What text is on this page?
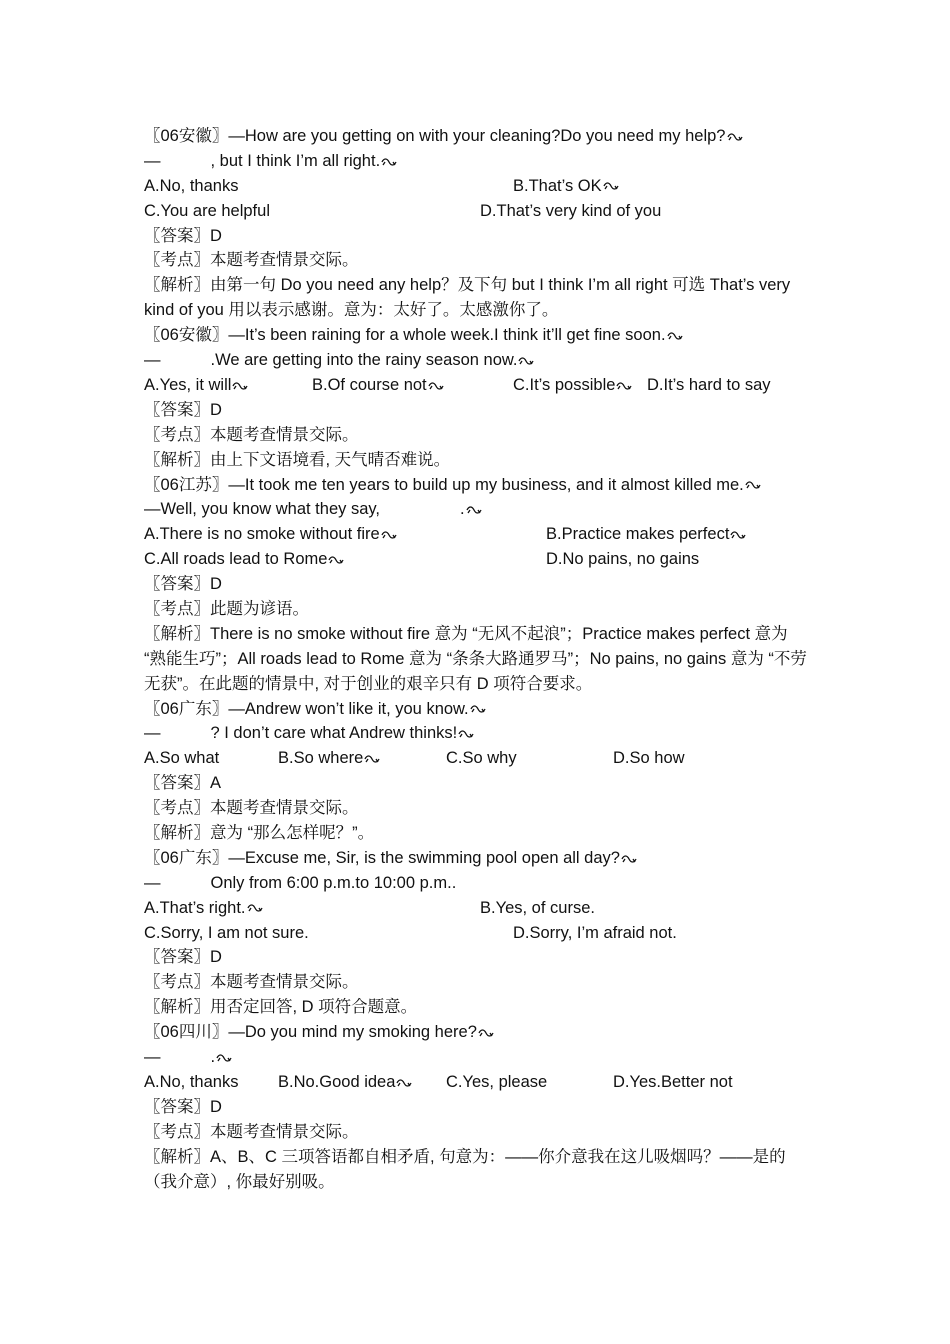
〖06安徽〗—How are you getting on with your cleaning?Do you need my help?
—	, but I think I’m all right.
A.No, thanks	B.That’s OK
C.You are helpful	D.That’s very kind of you
〖答案〗D
〖考点〗本题考查情景交际。
〖解析〗由第一句 Do you need any help？及下句 but I think I’m all right 可选 That’s very kind of you 用以表示感谢。意为：太好了。太感激你了。
〖06安徽〗—It’s been raining for a whole week.I think it’ll get fine soon.
—	.We are getting into the rainy season now.
A.Yes, it will	B.Of course not	C.It’s possible	D.It’s hard to say
〖答案〗D
〖考点〗本题考查情景交际。
〖解析〗由上下文语境看, 天气晴否难说。
〖06江苏〗—It took me ten years to build up my business, and it almost killed me.
—Well, you know what they say,	.
A.There is no smoke without fire	B.Practice makes perfect
C.All roads lead to Rome	D.No pains, no gains
〖答案〗D
〖考点〗此题为谚语。
〖解析〗There is no smoke without fire 意为 “无风不起浪”；Practice makes perfect 意为 “熟能生巧”；All roads lead to Rome 意为 “条条大路通罗马”；No pains, no gains 意为 “不劳无获”。在此题的情景中, 对于创业的艰辛只有 D 项符合要求。
〖06广东〗—Andrew won’t like it, you know.
—	? I don’t care what Andrew thinks!
A.So what	B.So where	C.So why	D.So how
〖答案〗A
〖考点〗本题考查情景交际。
〖解析〗意为 “那么怎样呢？”。
〖06广东〗—Excuse me, Sir, is the swimming pool open all day?
—	Only from 6:00 p.m.to 10:00 p.m..
A.That’s right.	B.Yes, of curse.
C.Sorry, I am not sure.	D.Sorry, I’m afraid not.
〖答案〗D
〖考点〗本题考查情景交际。
〖解析〗用否定回答, D 项符合题意。
〖06四川〗—Do you mind my smoking here?
—	.
A.No, thanks B.No.Good idea	C.Yes, please	D.Yes.Better not
〖答案〗D
〖考点〗本题考查情景交际。
〖解析〗A、B、C 三项答语都自相矛盾, 句意为：——你介意我在这儿吸烟吗？——是的（我介意）, 你最好别吸。
